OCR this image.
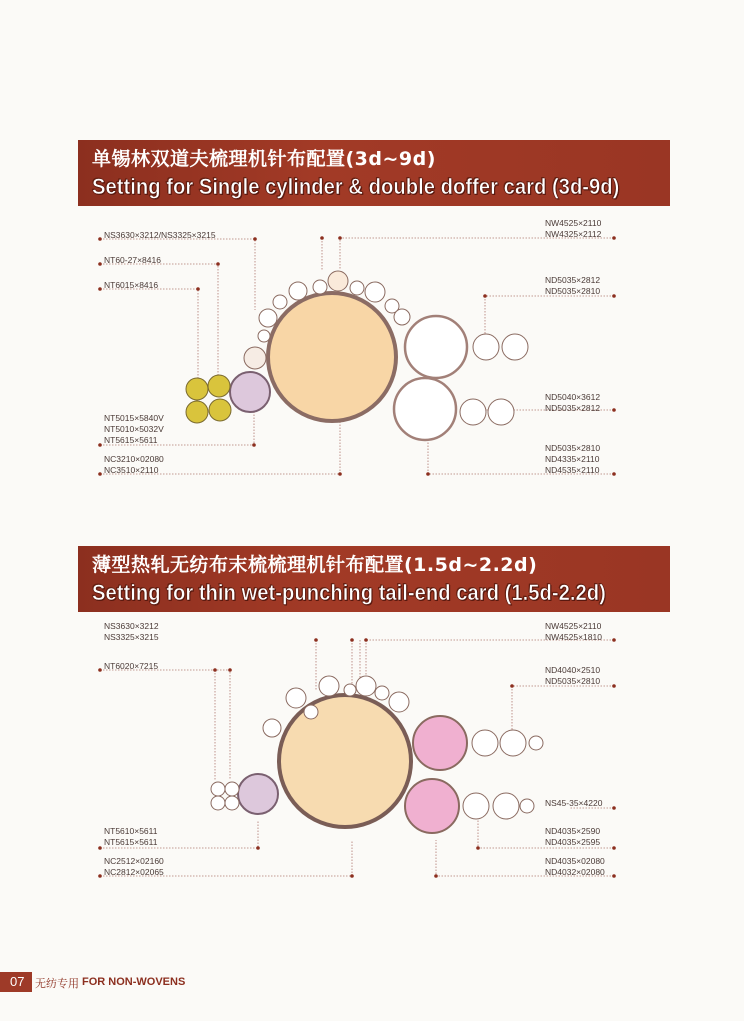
单锡林双道夫梳理机针布配置(3d~9d)
Setting for Single cylinder & double doffer card (3d-9d)
薄型热轧无纺布末梳梳理机针布配置(1.5d~2.2d)
Setting for thin wet-punching tail-end card (1.5d-2.2d)
NS3630×3212/NS3325×3215
NT60-27×8416
NT6015×8416
NT5015×5840V
NT5010×5032V
NT5615×5611
NC3210×02080
NC3510×2110
NW4525×2110
NW4325×2112
ND5035×2812
ND5035×2810
ND5040×3612
ND5035×2812
ND5035×2810
ND4335×2110
ND4535×2110
NS3630×3212
NS3325×3215
NT6020×7215
NT5610×5611
NT5615×5611
NC2512×02160
NC2812×02065
NW4525×2110
NW4525×1810
ND4040×2510
ND5035×2810
NS45-35×4220
ND4035×2590
ND4035×2595
ND4035×02080
ND4032×02080
07 无纺专用 FOR NON-WOVENS
